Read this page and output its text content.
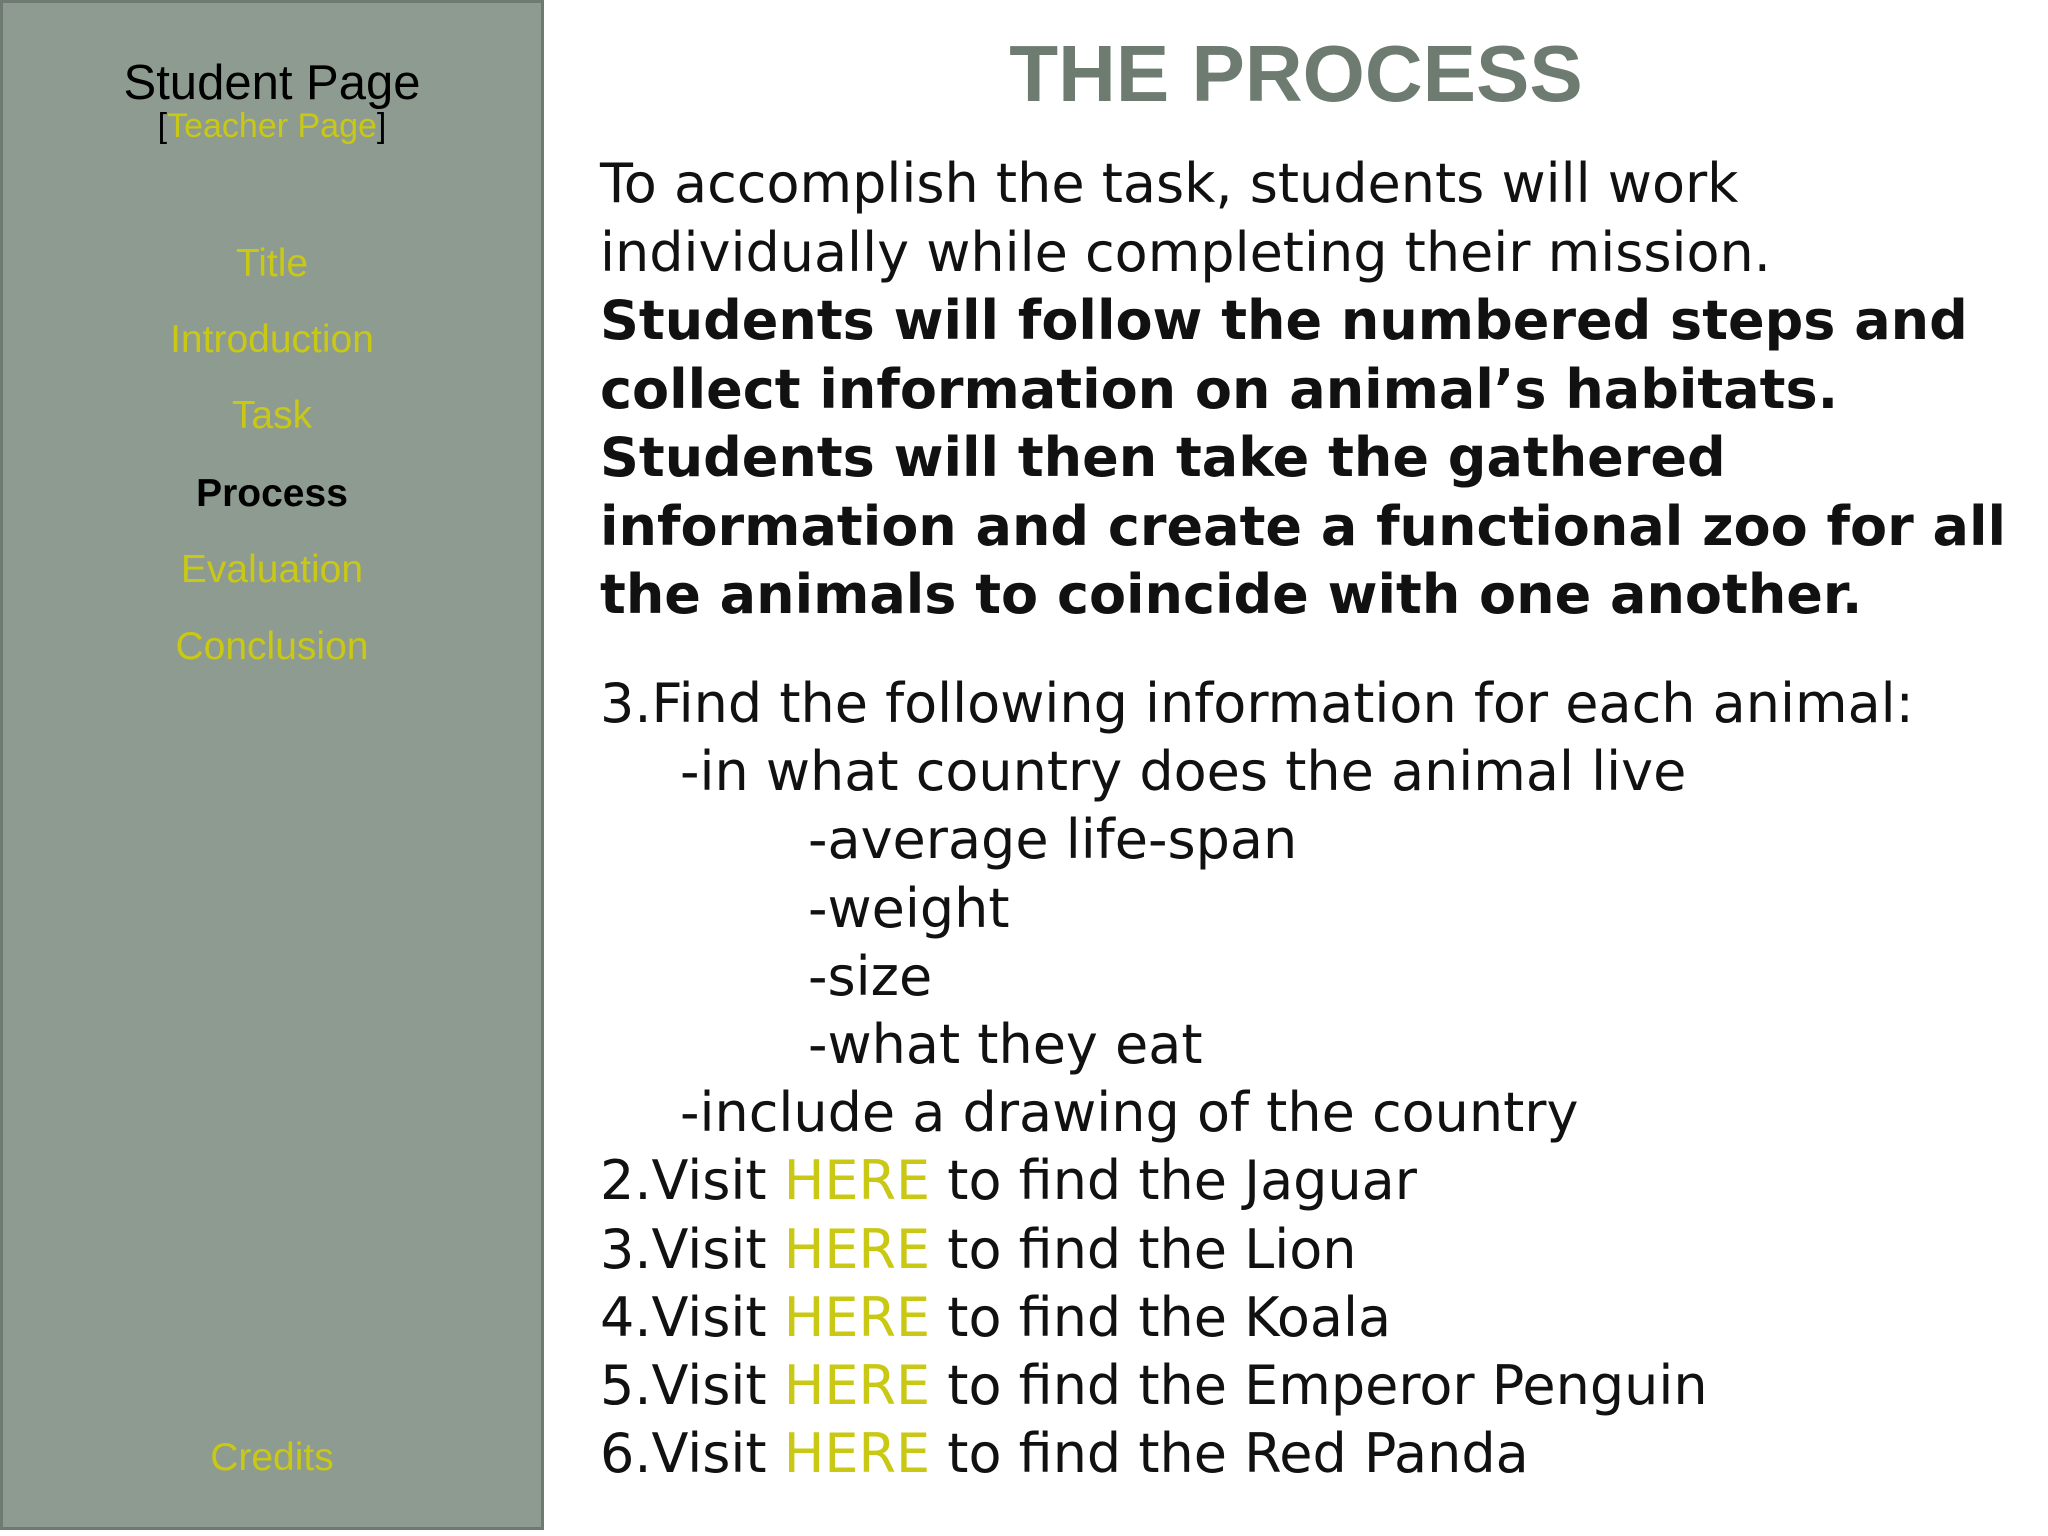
Student Page
[Teacher Page]
Title
Introduction
Task
Process
Evaluation
Conclusion
Credits
THE PROCESS
To accomplish the task, students will work individually while completing their mission.
Students will follow the numbered steps and collect information on animal’s habitats. Students will then take the gathered information and create a functional zoo for all the animals to coincide with one another.
3.Find the following information for each animal:
-in what country does the animal live
-average life-span
-weight
-size
-what they eat
-include a drawing of the country
2.Visit HERE to find the Jaguar
3.Visit HERE to find the Lion
4.Visit HERE to find the Koala
5.Visit HERE to find the Emperor Penguin
6.Visit HERE to find the Red Panda
